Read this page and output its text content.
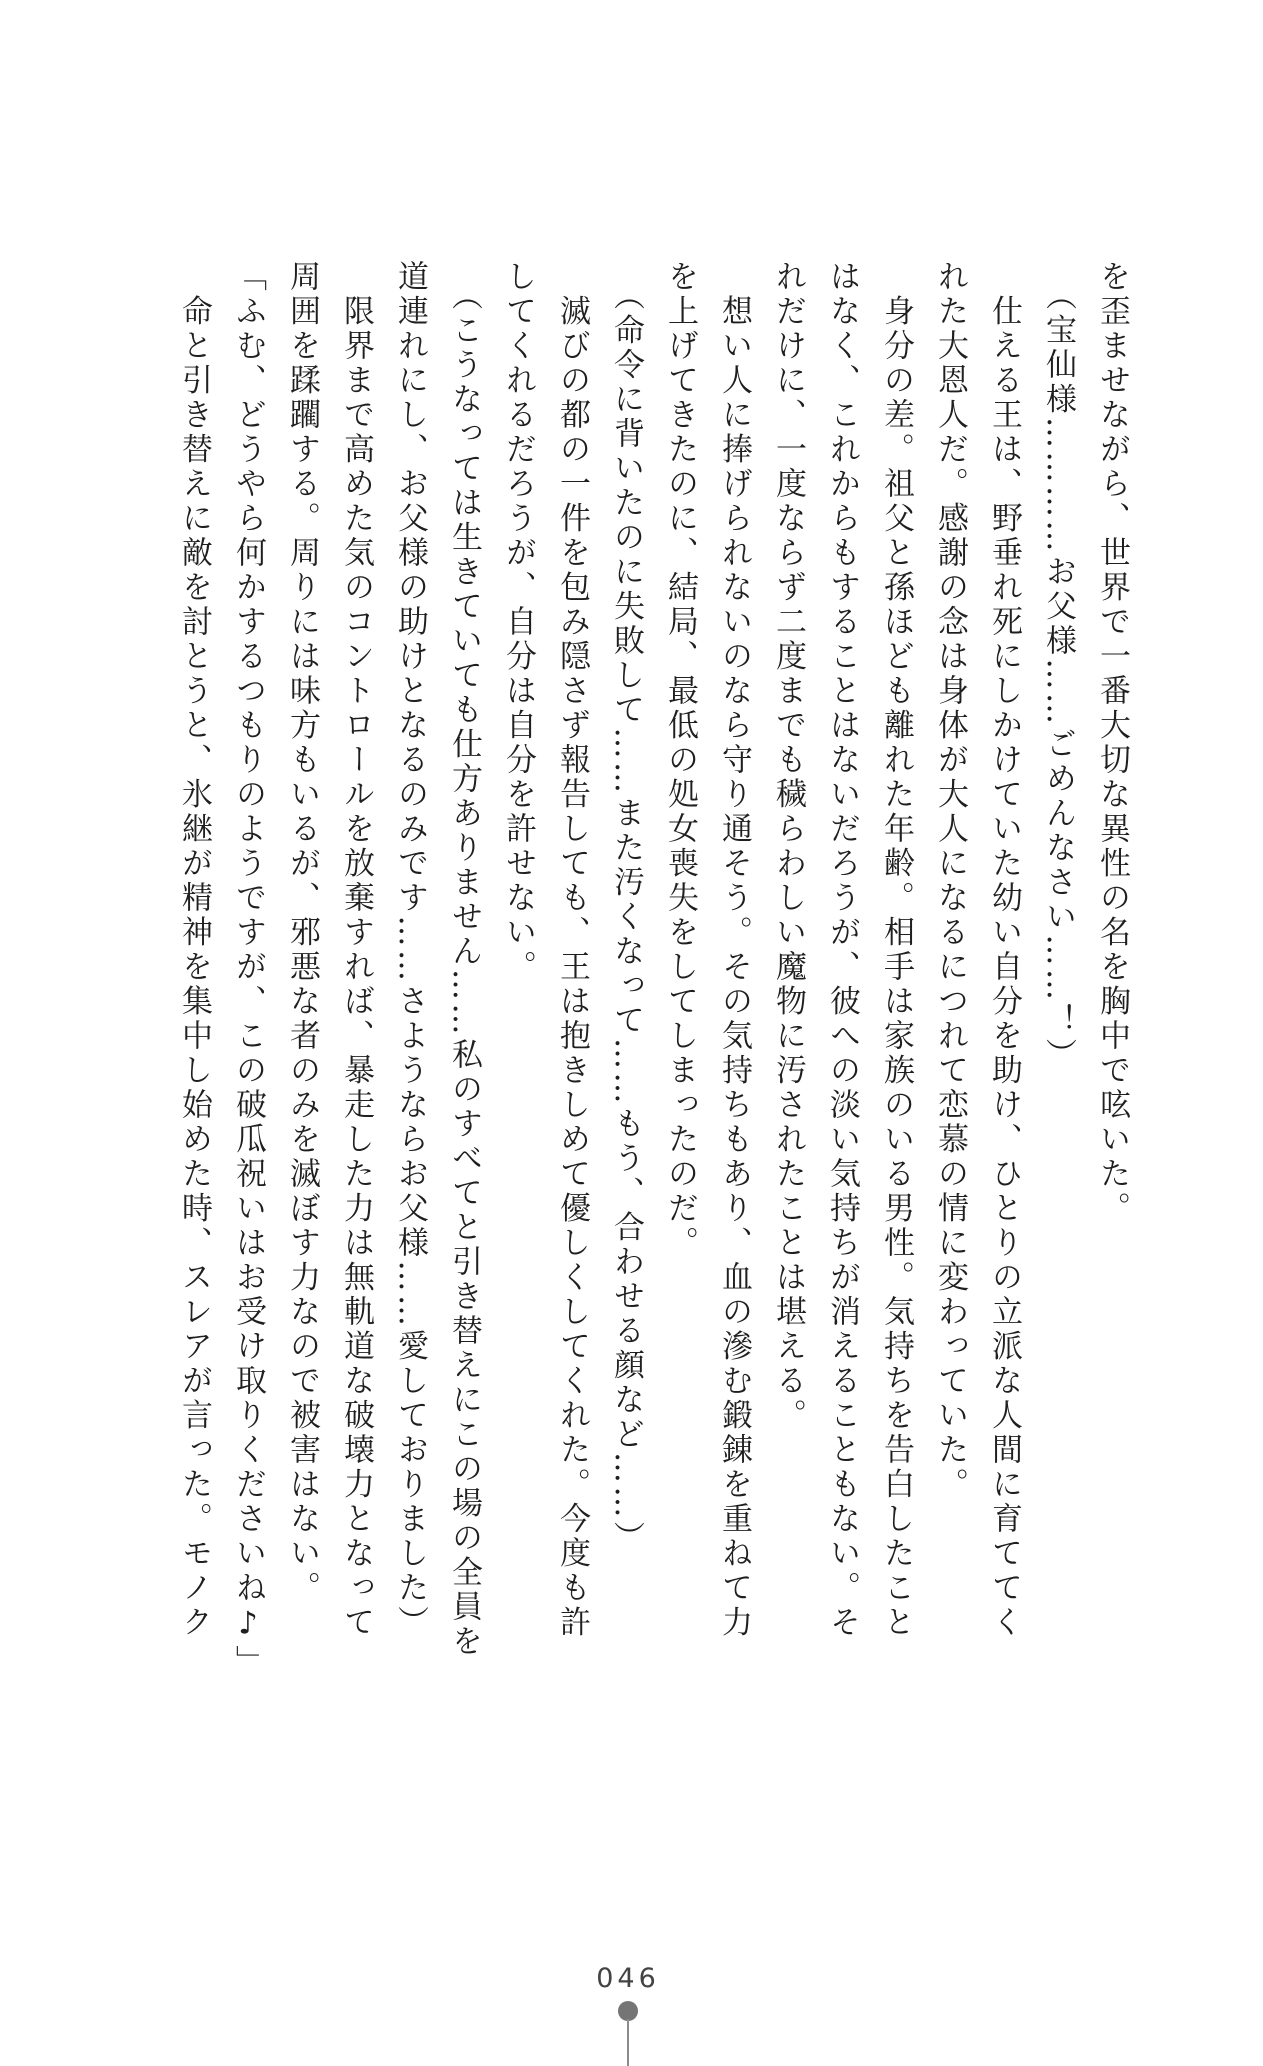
を歪ませながら、世界で一番大切な異性の名を胸中で呟いた。
　（宝仙様…………お父様……ごめんなさい……！）
　仕える王は、野垂れ死にしかけていた幼い自分を助け、ひとりの立派な人間に育ててく
れた大恩人だ。感謝の念は身体が大人になるにつれて恋慕の情に変わっていた。
　身分の差。祖父と孫ほども離れた年齢。相手は家族のいる男性。気持ちを告白したこと
はなく、これからもすることはないだろうが、彼への淡い気持ちが消えることもない。そ
れだけに、一度ならず二度までも穢らわしい魔物に汚されたことは堪える。
　想い人に捧げられないのなら守り通そう。その気持ちもあり、血の滲む鍛錬を重ねて力
を上げてきたのに、結局、最低の処女喪失をしてしまったのだ。
　（命令に背いたのに失敗して……また汚くなって……もう、合わせる顔など……）
　滅びの都の一件を包み隠さず報告しても、王は抱きしめて優しくしてくれた。今度も許
してくれるだろうが、自分は自分を許せない。
　（こうなっては生きていても仕方ありません……私のすべてと引き替えにこの場の全員を
道連れにし、お父様の助けとなるのみです……さようならお父様……愛しておりました）
　限界まで高めた気のコントロールを放棄すれば、暴走した力は無軌道な破壊力となって
周囲を蹂躙する。周りには味方もいるが、邪悪な者のみを滅ぼす力なので被害はない。
「ふむ、どうやら何かするつもりのようですが、この破瓜祝いはお受け取りくださいね♪」
　命と引き替えに敵を討とうと、氷継が精神を集中し始めた時、スレアが言った。モノク
046
